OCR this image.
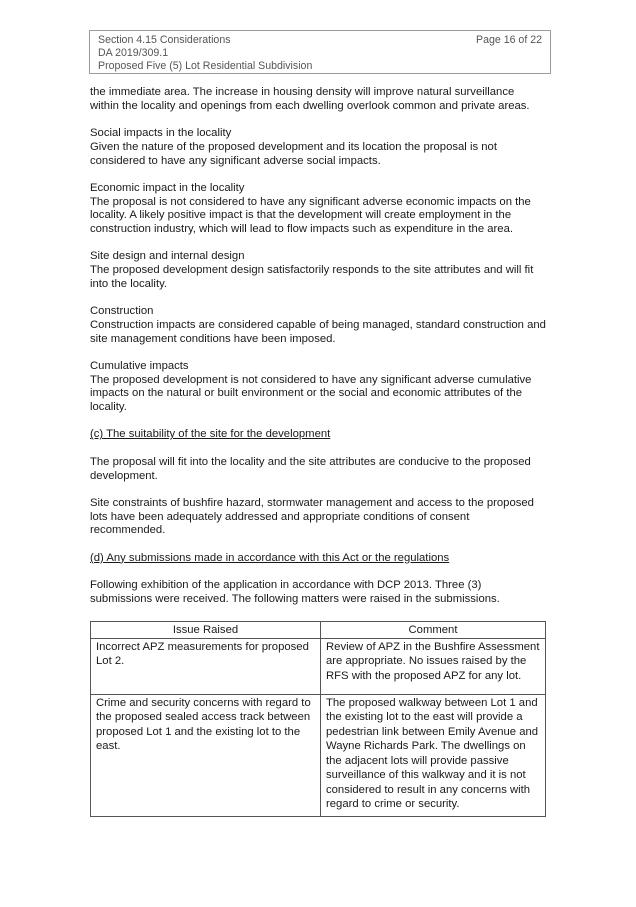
Section 4.15 Considerations
DA 2019/309.1
Proposed Five (5) Lot Residential Subdivision
Page 16 of 22

the immediate area. The increase in housing density will improve natural surveillance within the locality and openings from each dwelling overlook common and private areas.

Social impacts in the locality

Given the nature of the proposed development and its location the proposal is not considered to have any significant adverse social impacts.

Economic impact in the locality

The proposal is not considered to have any significant adverse economic impacts on the locality. A likely positive impact is that the development will create employment in the construction industry, which will lead to flow impacts such as expenditure in the area.

Site design and internal design

The proposed development design satisfactorily responds to the site attributes and will fit into the locality.

Construction

Construction impacts are considered capable of being managed, standard construction and site management conditions have been imposed.

Cumulative impacts

The proposed development is not considered to have any significant adverse cumulative impacts on the natural or built environment or the social and economic attributes of the locality.

(c) The suitability of the site for the development

The proposal will fit into the locality and the site attributes are conducive to the proposed development.

Site constraints of bushfire hazard, stormwater management and access to the proposed lots have been adequately addressed and appropriate conditions of consent recommended.

(d) Any submissions made in accordance with this Act or the regulations

Following exhibition of the application in accordance with DCP 2013. Three (3) submissions were received. The following matters were raised in the submissions.

Issue Raised	Comment
Incorrect APZ measurements for proposed Lot 2.	Review of APZ in the Bushfire Assessment are appropriate. No issues raised by the RFS with the proposed APZ for any lot.
Crime and security concerns with regard to the proposed sealed access track between proposed Lot 1 and the existing lot to the east.	The proposed walkway between Lot 1 and the existing lot to the east will provide a pedestrian link between Emily Avenue and Wayne Richards Park. The dwellings on the adjacent lots will provide passive surveillance of this walkway and it is not considered to result in any concerns with regard to crime or security.
